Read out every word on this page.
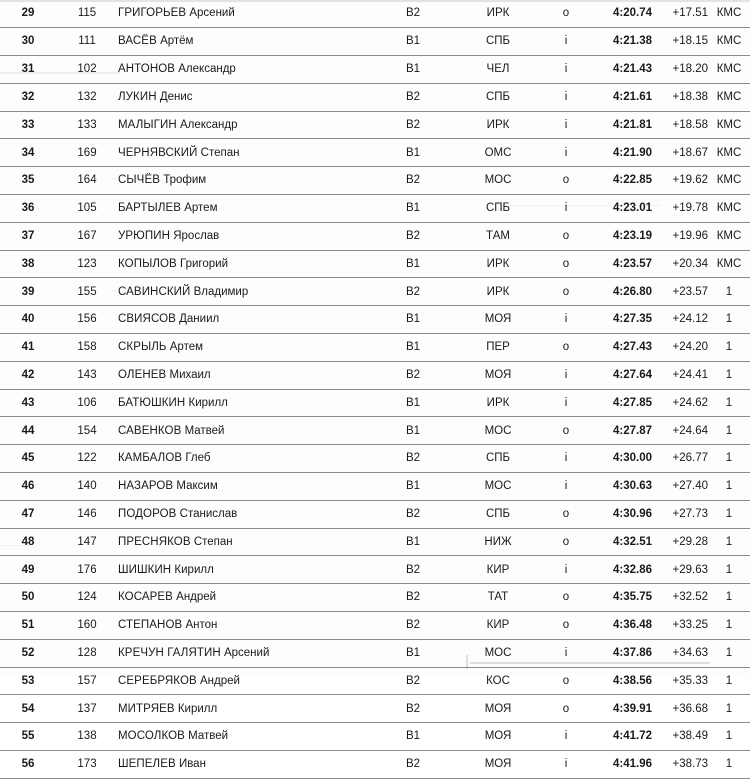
29	115	ГРИГОРЬЕВ Арсений	B2	ИРК	o	4:20.74	+17.51	КМС	
30	111	ВАСЁВ Артём	B1	СПБ	i	4:21.38	+18.15	КМС	
31	102	АНТОНОВ Александр	B1	ЧЕЛ	i	4:21.43	+18.20	КМС	
32	132	ЛУКИН Денис	B2	СПБ	i	4:21.61	+18.38	КМС	
33	133	МАЛЫГИН Александр	B2	ИРК	i	4:21.81	+18.58	КМС	
34	169	ЧЕРНЯВСКИЙ Степан	B1	ОМС	i	4:21.90	+18.67	КМС	
35	164	СЫЧЁВ Трофим	B2	МОС	o	4:22.85	+19.62	КМС	
36	105	БАРТЫЛЕВ Артем	B1	СПБ	i	4:23.01	+19.78	КМС	
37	167	УРЮПИН Ярослав	B2	ТАМ	o	4:23.19	+19.96	КМС	
38	123	КОПЫЛОВ Григорий	B1	ИРК	o	4:23.57	+20.34	КМС	
39	155	САВИНСКИЙ Владимир	B2	ИРК	o	4:26.80	+23.57	1	
40	156	СВИЯСОВ Даниил	B1	МОЯ	i	4:27.35	+24.12	1	
41	158	СКРЫЛЬ Артем	B1	ПЕР	o	4:27.43	+24.20	1	
42	143	ОЛЕНЕВ Михаил	B2	МОЯ	i	4:27.64	+24.41	1	
43	106	БАТЮШКИН Кирилл	B1	ИРК	i	4:27.85	+24.62	1	
44	154	САВЕНКОВ Матвей	B1	МОС	o	4:27.87	+24.64	1	
45	122	КАМБАЛОВ Глеб	B2	СПБ	i	4:30.00	+26.77	1	
46	140	НАЗАРОВ Максим	B1	МОС	i	4:30.63	+27.40	1	
47	146	ПОДОРОВ Станислав	B2	СПБ	o	4:30.96	+27.73	1	
48	147	ПРЕСНЯКОВ Степан	B1	НИЖ	o	4:32.51	+29.28	1	
49	176	ШИШКИН Кирилл	B2	КИР	i	4:32.86	+29.63	1	
50	124	КОСАРЕВ Андрей	B2	ТАТ	o	4:35.75	+32.52	1	
51	160	СТЕПАНОВ Антон	B2	КИР	o	4:36.48	+33.25	1	
52	128	КРЕЧУН ГАЛЯТИН Арсений	B1	МОС	i	4:37.86	+34.63	1	
53	157	СЕРЕБРЯКОВ Андрей	B2	КОС	o	4:38.56	+35.33	1	
54	137	МИТРЯЕВ Кирилл	B2	МОЯ	o	4:39.91	+36.68	1	
55	138	МОСОЛКОВ Матвей	B1	МОЯ	i	4:41.72	+38.49	1	
56	173	ШЕПЕЛЕВ Иван	B2	МОЯ	i	4:41.96	+38.73	1	
